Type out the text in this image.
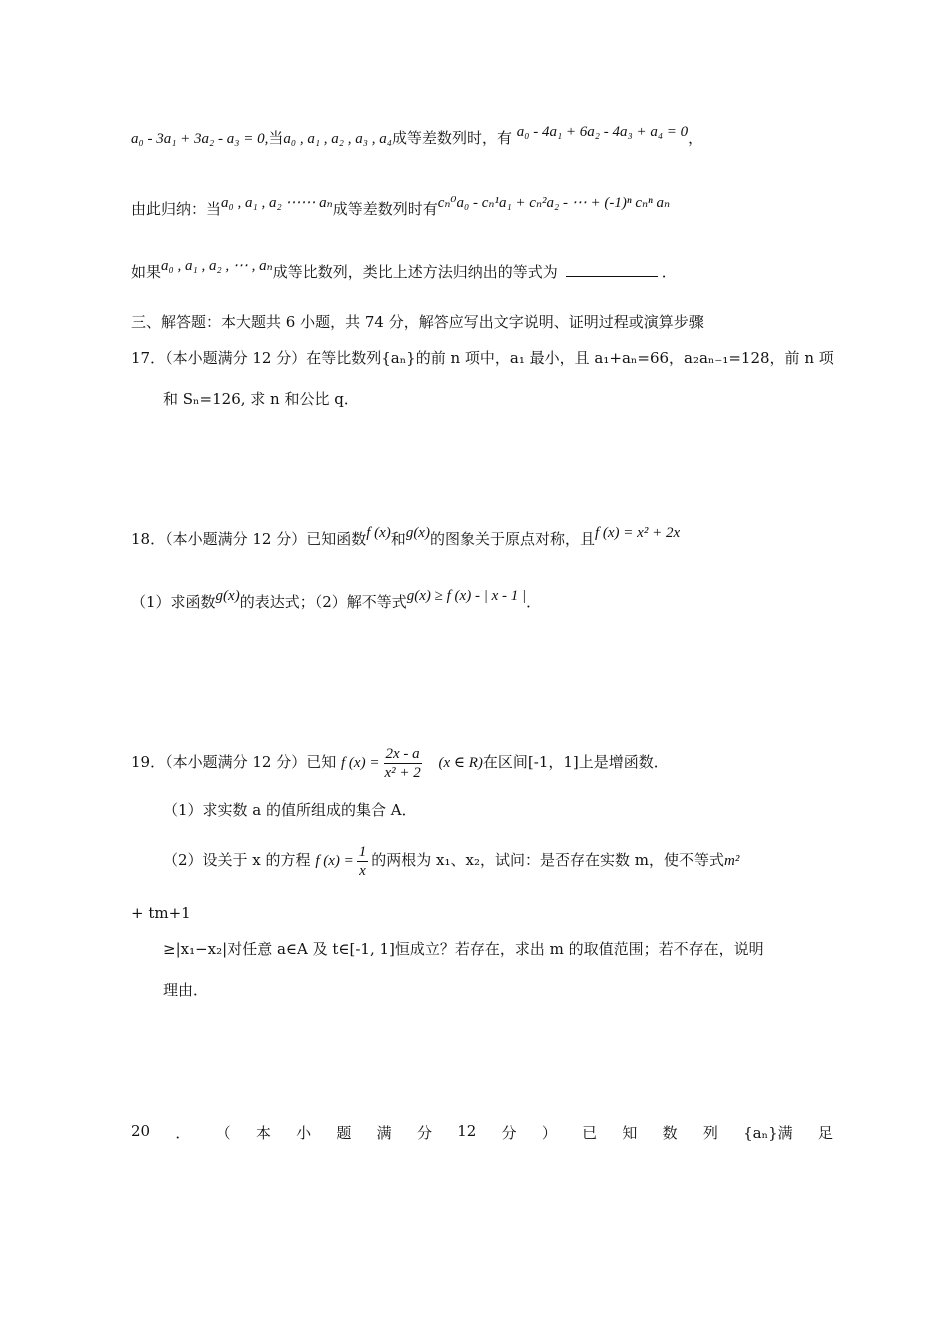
a₀ - 3a₁ + 3a₂ - a₃ = 0,当a₀ , a₁ , a₂ , a₃ , a₄成等差数列时，有 a₀ - 4a₁ + 6a₂ - 4a₃ + a₄ = 0，
由此归纳：当a₀ , a₁ , a₂ ⋯⋯ aₙ成等差数列时有cₙ⁰a₀ - cₙ¹a₁ + cₙ²a₂ - ⋯ + (-1)ⁿ cₙⁿ aₙ
如果a₀ , a₁ , a₂ , ⋯ , aₙ成等比数列，类比上述方法归纳出的等式为	．
三、解答题：本大题共 6 小题，共 74 分，解答应写出文字说明、证明过程或演算步骤
17．（本小题满分 12 分）在等比数列{aₙ}的前 n 项中，a₁ 最小，且 a₁+aₙ=66，a₂aₙ₋₁=128，前 n 项
和 Sₙ=126, 求 n 和公比 q．
18．（本小题满分 12 分）已知函数f (x)和g(x)的图象关于原点对称，且f (x) = x² + 2x
（1）求函数g(x)的表达式；（2）解不等式g(x) ≥ f (x) - | x - 1 |．
19．（本小题满分 12 分）已知 f $(x) = \frac{2x - a}{\text{x² + 2}} (x$ ∈ R)在区间[-1，1]上是增函数．
（1）求实数 a 的值所组成的集合 A．
（2）设关于 x 的方程 f $(x) = \frac{1}{x}$ 的两根为 x₁、x₂，试问：是否存在实数 m，使不等式m²
+ tm+1
≥|x₁−x₂|对任意 a∈A 及 t∈[-1, 1]恒成立？若存在，求出 m 的取值范围；若不存在，说明
理由．
20 ． （ 本 小 题 满 分 12 分 ） 已 知 数 列 {aₙ}满 足
